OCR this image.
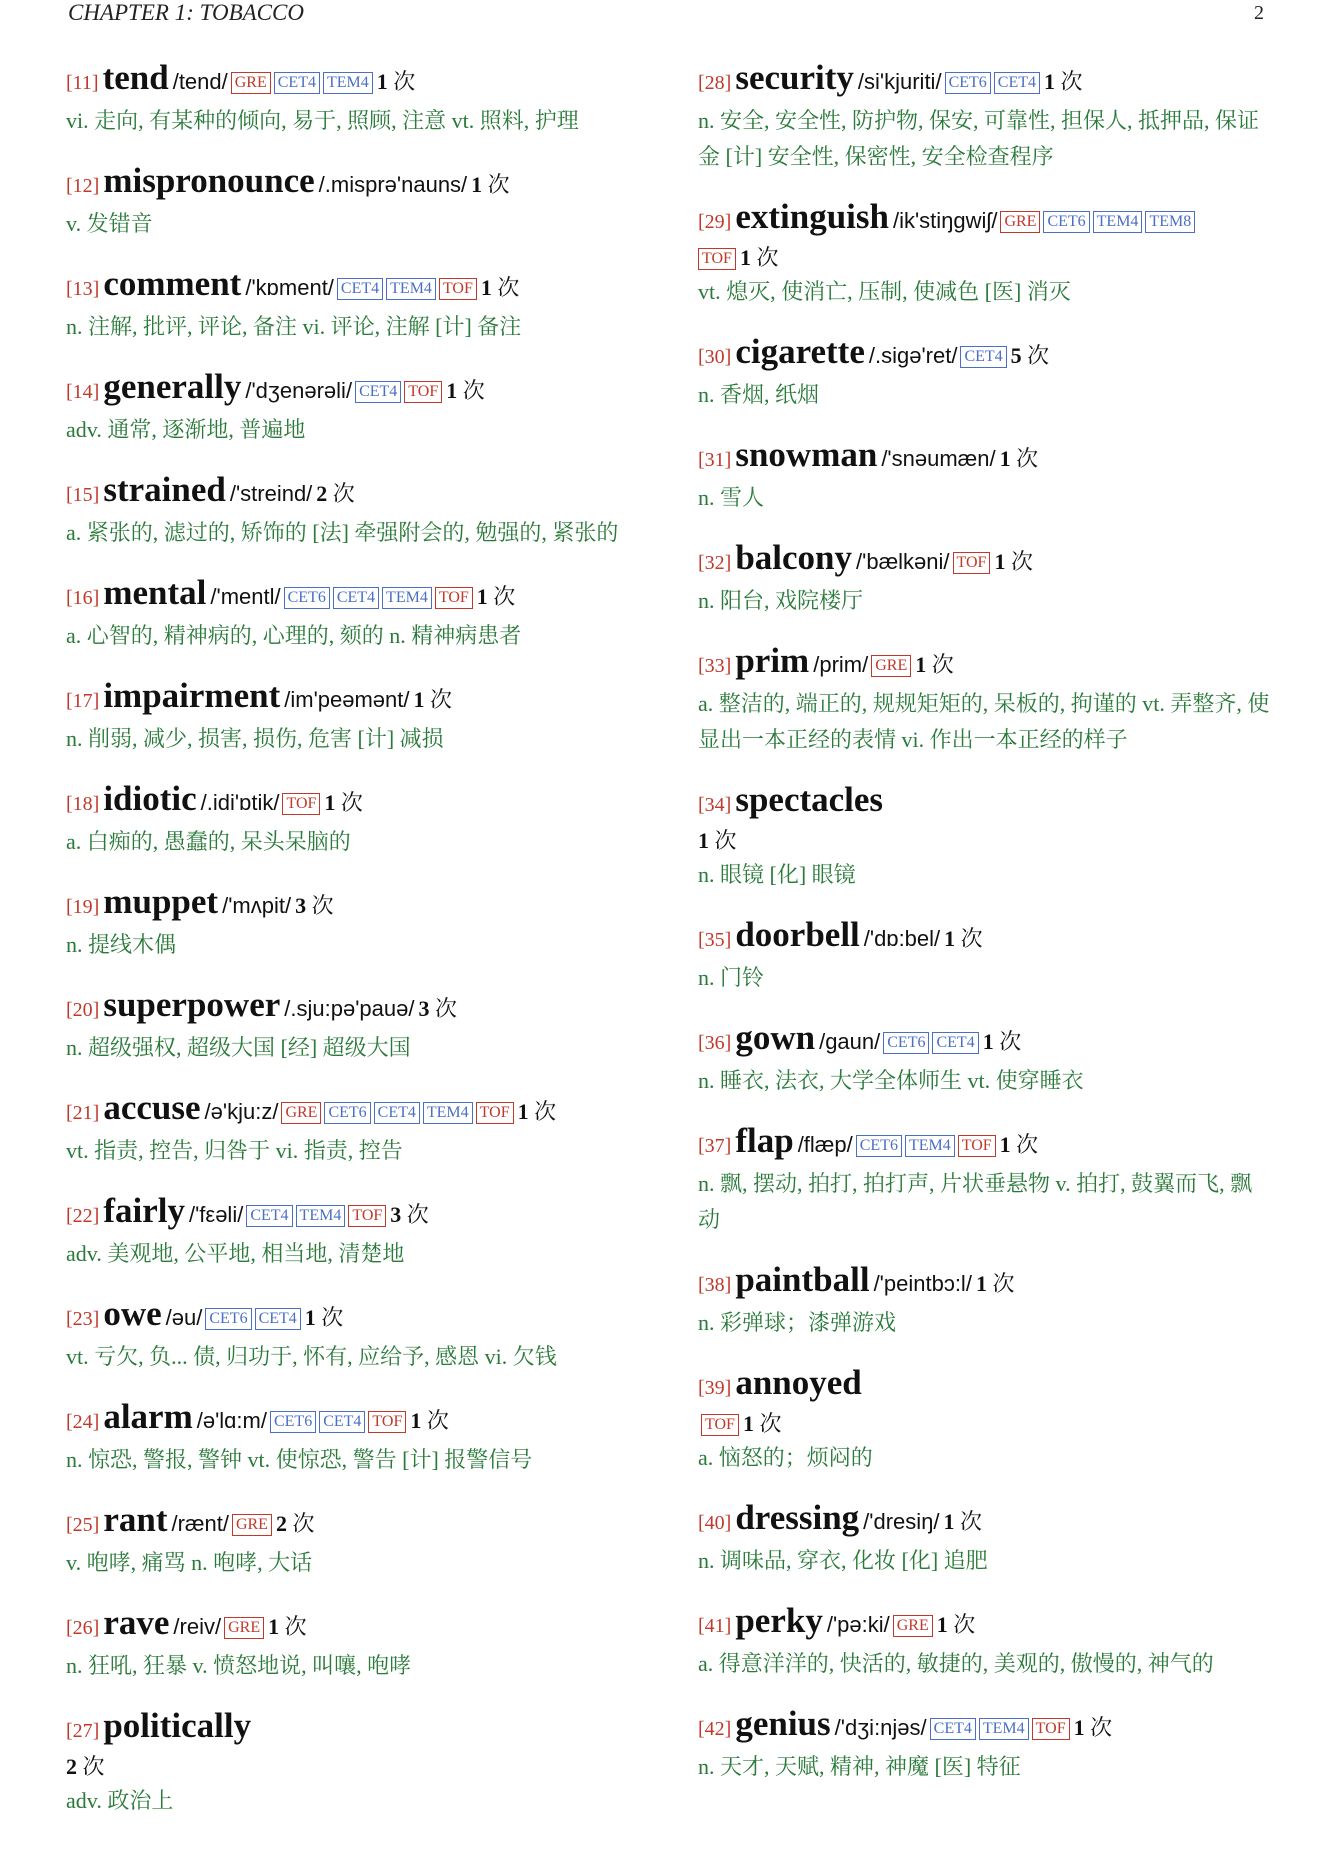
CHAPTER 1: TOBACCO	2
[11] tend /tend/ GRE CET4 TEM4 1 次
vi. 走向, 有某种的倾向, 易于, 照顾, 注意 vt. 照料, 护理
[12] mispronounce /.misprə'nauns/ 1 次
v. 发错音
[13] comment /'kɒment/ CET4 TEM4 TOF 1 次
n. 注解, 批评, 评论, 备注 vi. 评论, 注解 [计] 备注
[14] generally /'dʒenərəli/ CET4 TOF 1 次
adv. 通常, 逐渐地, 普遍地
[15] strained /'streind/ 2 次
a. 紧张的, 滤过的, 矫饰的 [法] 牵强附会的, 勉强的, 紧张的
[16] mental /'mentl/ CET6 CET4 TEM4 TOF 1 次
a. 心智的, 精神病的, 心理的, 颏的 n. 精神病患者
[17] impairment /im'peəmənt/ 1 次
n. 削弱, 减少, 损害, 损伤, 危害 [计] 减损
[18] idiotic /.idi'ɒtik/ TOF 1 次
a. 白痴的, 愚蠢的, 呆头呆脑的
[19] muppet /'mʌpit/ 3 次
n. 提线木偶
[20] superpower /.sju:pə'pauə/ 3 次
n. 超级强权, 超级大国 [经] 超级大国
[21] accuse /ə'kju:z/ GRE CET6 CET4 TEM4 TOF 1 次
vt. 指责, 控告, 归咎于 vi. 指责, 控告
[22] fairly /'fεəli/ CET4 TEM4 TOF 3 次
adv. 美观地, 公平地, 相当地, 清楚地
[23] owe /əu/ CET6 CET4 1 次
vt. 亏欠, 负... 债, 归功于, 怀有, 应给予, 感恩 vi. 欠钱
[24] alarm /ə'lɑ:m/ CET6 CET4 TOF 1 次
n. 惊恐, 警报, 警钟 vt. 使惊恐, 警告 [计] 报警信号
[25] rant /rænt/ GRE 2 次
v. 咆哮, 痛骂 n. 咆哮, 大话
[26] rave /reiv/ GRE 1 次
n. 狂吼, 狂暴 v. 愤怒地说, 叫嚷, 咆哮
[27] politically
2 次
adv. 政治上
[28] security /si'kjuriti/ CET6 CET4 1 次
n. 安全, 安全性, 防护物, 保安, 可靠性, 担保人, 抵押品, 保证金 [计] 安全性, 保密性, 安全检查程序
[29] extinguish /ik'stiŋgwiʃ/ GRE CET6 TEM4 TEM8
TOF 1 次
vt. 熄灭, 使消亡, 压制, 使减色 [医] 消灭
[30] cigarette /.sigə'ret/ CET4 5 次
n. 香烟, 纸烟
[31] snowman /'snəumæn/ 1 次
n. 雪人
[32] balcony /'bælkəni/ TOF 1 次
n. 阳台, 戏院楼厅
[33] prim /prim/ GRE 1 次
a. 整洁的, 端正的, 规规矩矩的, 呆板的, 拘谨的 vt. 弄整齐, 使显出一本正经的表情 vi. 作出一本正经的样子
[34] spectacles
1 次
n. 眼镜 [化] 眼镜
[35] doorbell /'dɒ:bel/ 1 次
n. 门铃
[36] gown /gaun/ CET6 CET4 1 次
n. 睡衣, 法衣, 大学全体师生 vt. 使穿睡衣
[37] flap /flæp/ CET6 TEM4 TOF 1 次
n. 飘, 摆动, 拍打, 拍打声, 片状垂悬物 v. 拍打, 鼓翼而飞, 飘动
[38] paintball /'peintbɔ:l/ 1 次
n. 彩弹球；漆弹游戏
[39] annoyed
TOF 1 次
a. 恼怒的；烦闷的
[40] dressing /'dresiŋ/ 1 次
n. 调味品, 穿衣, 化妆 [化] 追肥
[41] perky /'pə:ki/ GRE 1 次
a. 得意洋洋的, 快活的, 敏捷的, 美观的, 傲慢的, 神气的
[42] genius /'dʒi:njəs/ CET4 TEM4 TOF 1 次
n. 天才, 天赋, 精神, 神魔 [医] 特征
